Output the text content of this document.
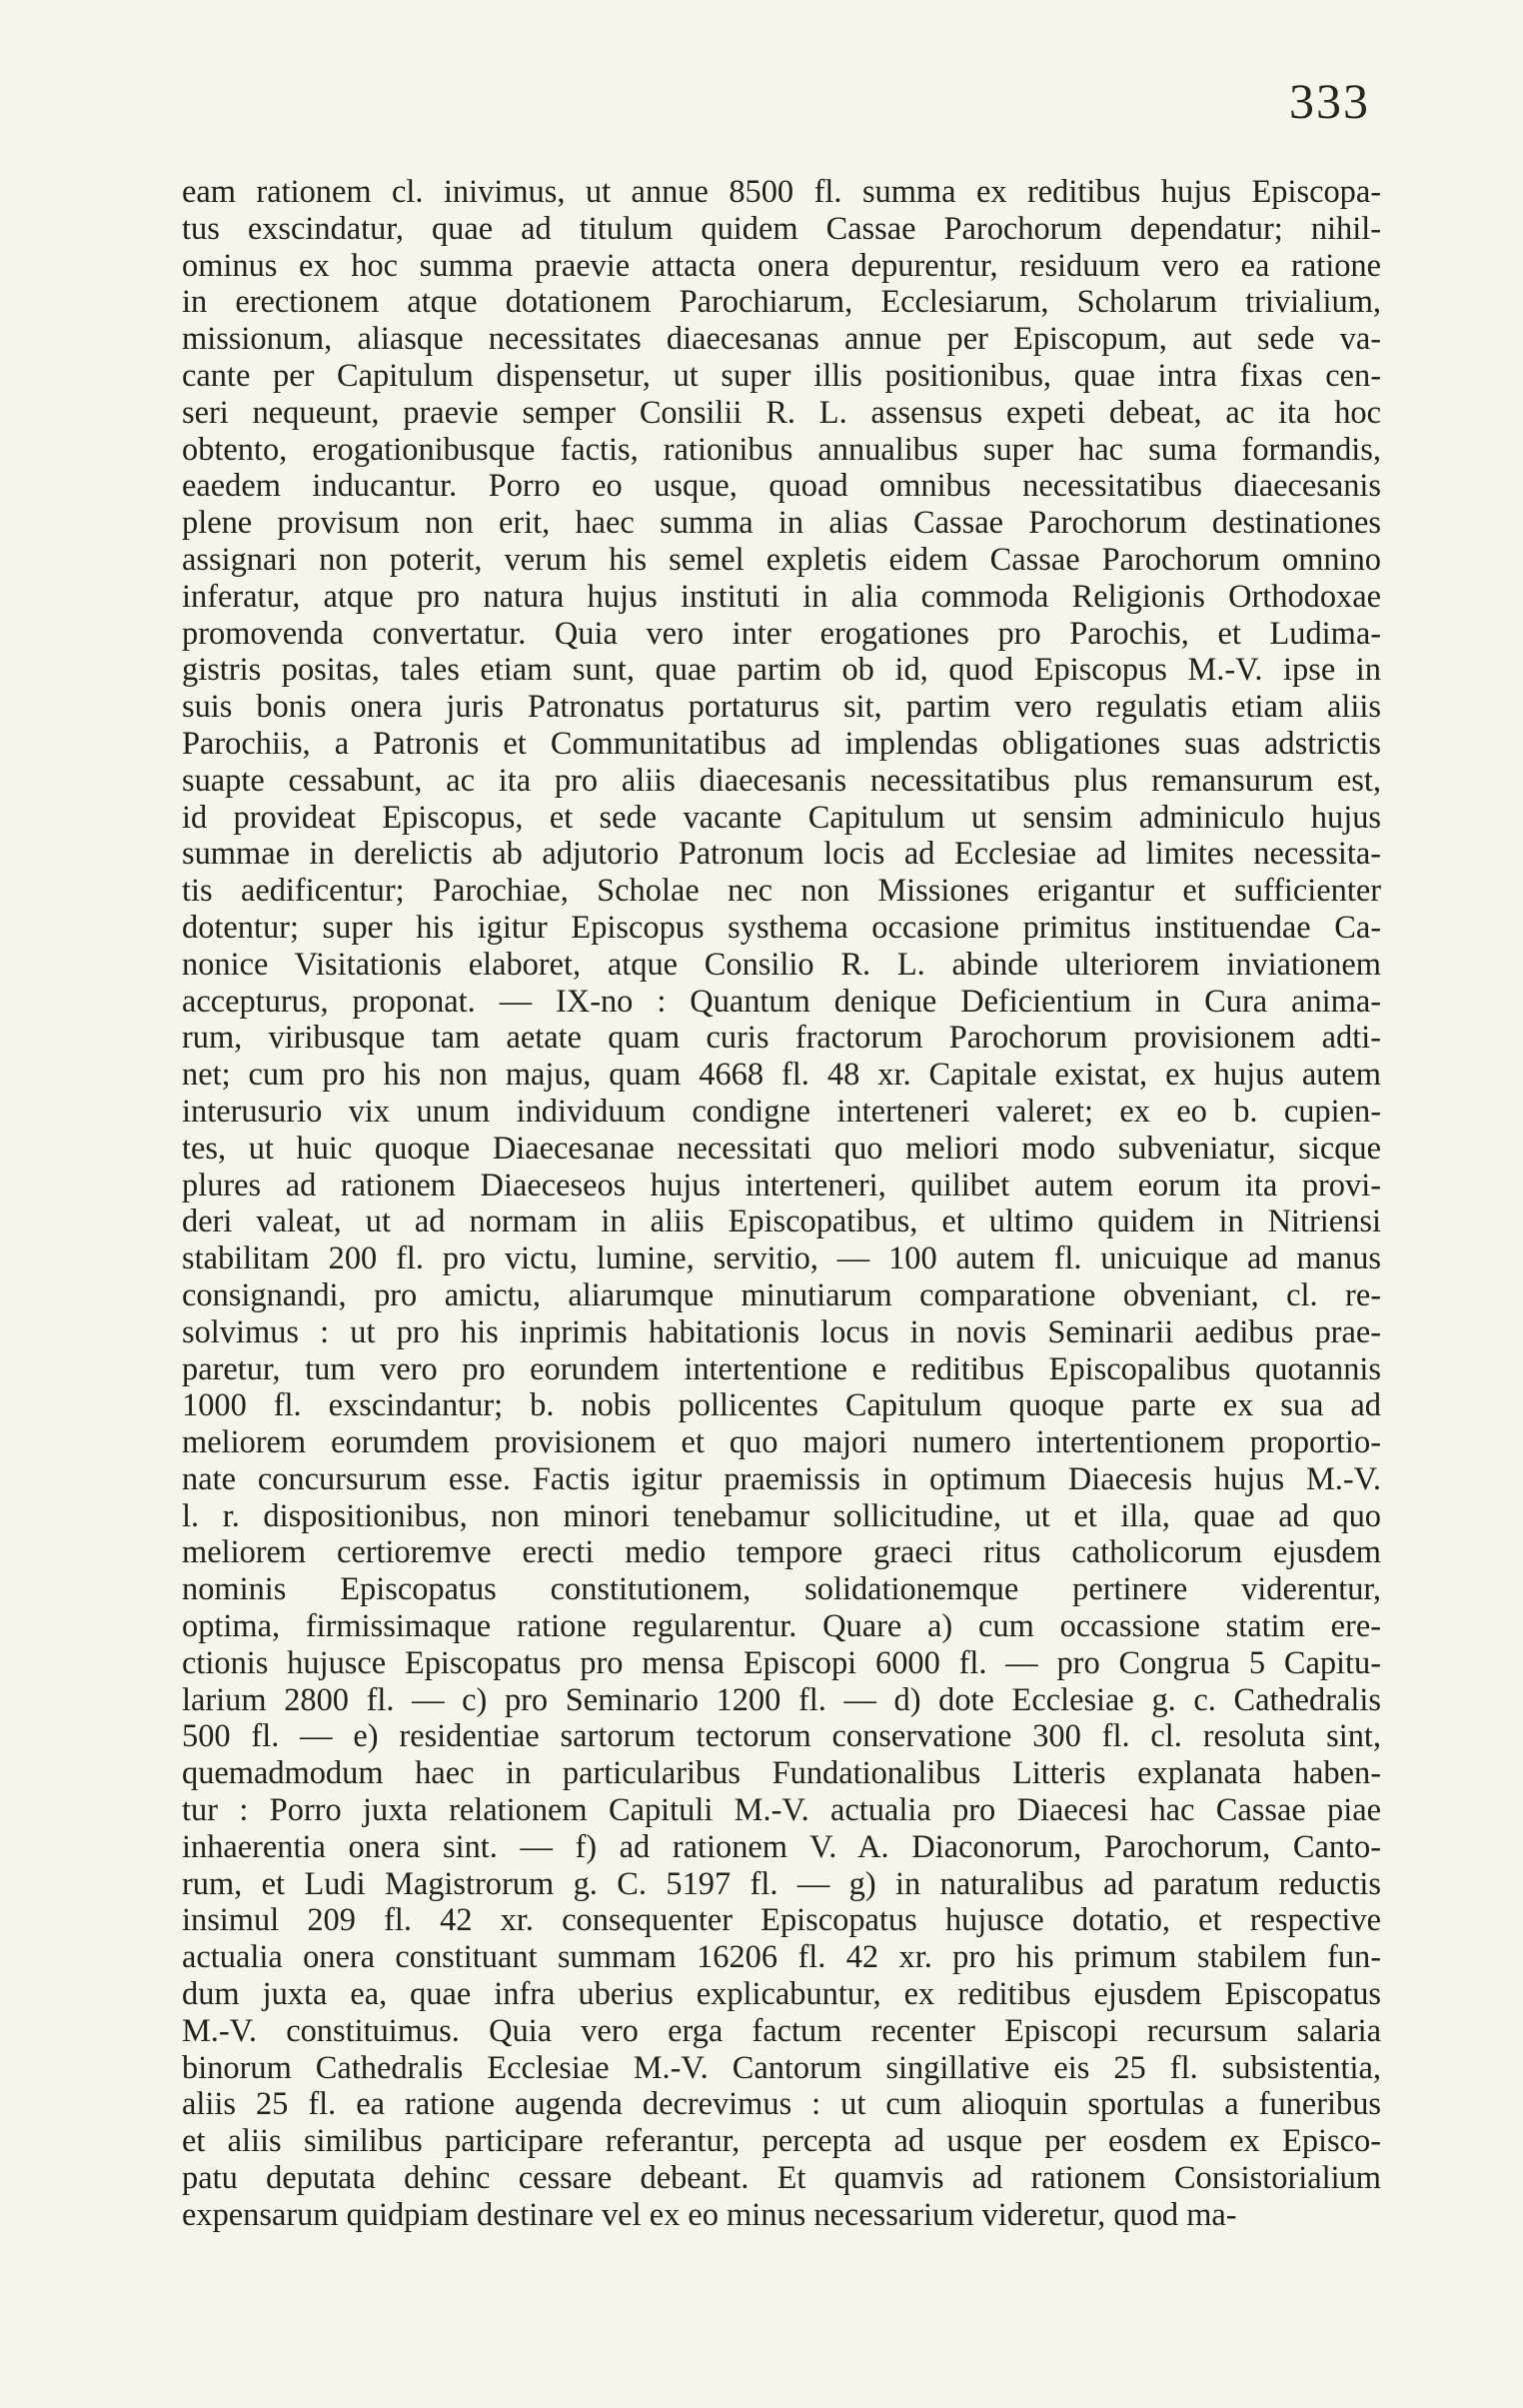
333
eam rationem cl. inivimus, ut annue 8500 fl. summa ex reditibus hujus Episcopa-
tus exscindatur, quae ad titulum quidem Cassae Parochorum dependatur; nihil-
ominus ex hoc summa praevie attacta onera depurentur, residuum vero ea ratione
in erectionem atque dotationem Parochiarum, Ecclesiarum, Scholarum trivialium,
missionum, aliasque necessitates diaecesanas annue per Episcopum, aut sede va-
cante per Capitulum dispensetur, ut super illis positionibus, quae intra fixas cen-
seri nequeunt, praevie semper Consilii R. L. assensus expeti debeat, ac ita hoc
obtento, erogationibusque factis, rationibus annualibus super hac suma formandis,
eaedem inducantur. Porro eo usque, quoad omnibus necessitatibus diaecesanis
plene provisum non erit, haec summa in alias Cassae Parochorum destinationes
assignari non poterit, verum his semel expletis eidem Cassae Parochorum omnino
inferatur, atque pro natura hujus instituti in alia commoda Religionis Orthodoxae
promovenda convertatur. Quia vero inter erogationes pro Parochis, et Ludima-
gistris positas, tales etiam sunt, quae partim ob id, quod Episcopus M.-V. ipse in
suis bonis onera juris Patronatus portaturus sit, partim vero regulatis etiam aliis
Parochiis, a Patronis et Communitatibus ad implendas obligationes suas adstrictis
suapte cessabunt, ac ita pro aliis diaecesanis necessitatibus plus remansurum est,
id provideat Episcopus, et sede vacante Capitulum ut sensim adminiculo hujus
summae in derelictis ab adjutorio Patronum locis ad Ecclesiae ad limites necessita-
tis aedificentur; Parochiae, Scholae nec non Missiones erigantur et sufficienter
dotentur; super his igitur Episcopus systhema occasione primitus instituendae Ca-
nonice Visitationis elaboret, atque Consilio R. L. abinde ulteriorem inviationem
accepturus, proponat. — IX-no : Quantum denique Deficientium in Cura anima-
rum, viribusque tam aetate quam curis fractorum Parochorum provisionem adti-
net; cum pro his non majus, quam 4668 fl. 48 xr. Capitale existat, ex hujus autem
interusurio vix unum individuum condigne interteneri valeret; ex eo b. cupien-
tes, ut huic quoque Diaecesanae necessitati quo meliori modo subveniatur, sicque
plures ad rationem Diaeceseos hujus interteneri, quilibet autem eorum ita provi-
deri valeat, ut ad normam in aliis Episcopatibus, et ultimo quidem in Nitriensi
stabilitam 200 fl. pro victu, lumine, servitio, — 100 autem fl. unicuique ad manus
consignandi, pro amictu, aliarumque minutiarum comparatione obveniant, cl. re-
solvimus : ut pro his inprimis habitationis locus in novis Seminarii aedibus prae-
paretur, tum vero pro eorundem intertentione e reditibus Episcopalibus quotannis
1000 fl. exscindantur; b. nobis pollicentes Capitulum quoque parte ex sua ad
meliorem eorumdem provisionem et quo majori numero intertentionem proportio-
nate concursurum esse. Factis igitur praemissis in optimum Diaecesis hujus M.-V.
l. r. dispositionibus, non minori tenebamur sollicitudine, ut et illa, quae ad quo
meliorem certioremve erecti medio tempore graeci ritus catholicorum ejusdem
nominis Episcopatus constitutionem, solidationemque pertinere viderentur,
optima, firmissimaque ratione regularentur. Quare a) cum occassione statim ere-
ctionis hujusce Episcopatus pro mensa Episcopi 6000 fl. — pro Congrua 5 Capitu-
larium 2800 fl. — c) pro Seminario 1200 fl. — d) dote Ecclesiae g. c. Cathedralis
500 fl. — e) residentiae sartorum tectorum conservatione 300 fl. cl. resoluta sint,
quemadmodum haec in particularibus Fundationalibus Litteris explanata haben-
tur : Porro juxta relationem Capituli M.-V. actualia pro Diaecesi hac Cassae piae
inhaerentia onera sint. — f) ad rationem V. A. Diaconorum, Parochorum, Canto-
rum, et Ludi Magistrorum g. C. 5197 fl. — g) in naturalibus ad paratum reductis
insimul 209 fl. 42 xr. consequenter Episcopatus hujusce dotatio, et respective
actualia onera constituant summam 16206 fl. 42 xr. pro his primum stabilem fun-
dum juxta ea, quae infra uberius explicabuntur, ex reditibus ejusdem Episcopatus
M.-V. constituimus. Quia vero erga factum recenter Episcopi recursum salaria
binorum Cathedralis Ecclesiae M.-V. Cantorum singillative eis 25 fl. subsistentia,
aliis 25 fl. ea ratione augenda decrevimus : ut cum alioquin sportulas a funeribus
et aliis similibus participare referantur, percepta ad usque per eosdem ex Episco-
patu deputata dehinc cessare debeant. Et quamvis ad rationem Consistorialium
expensarum quidpiam destinare vel ex eo minus necessarium videretur, quod ma-
